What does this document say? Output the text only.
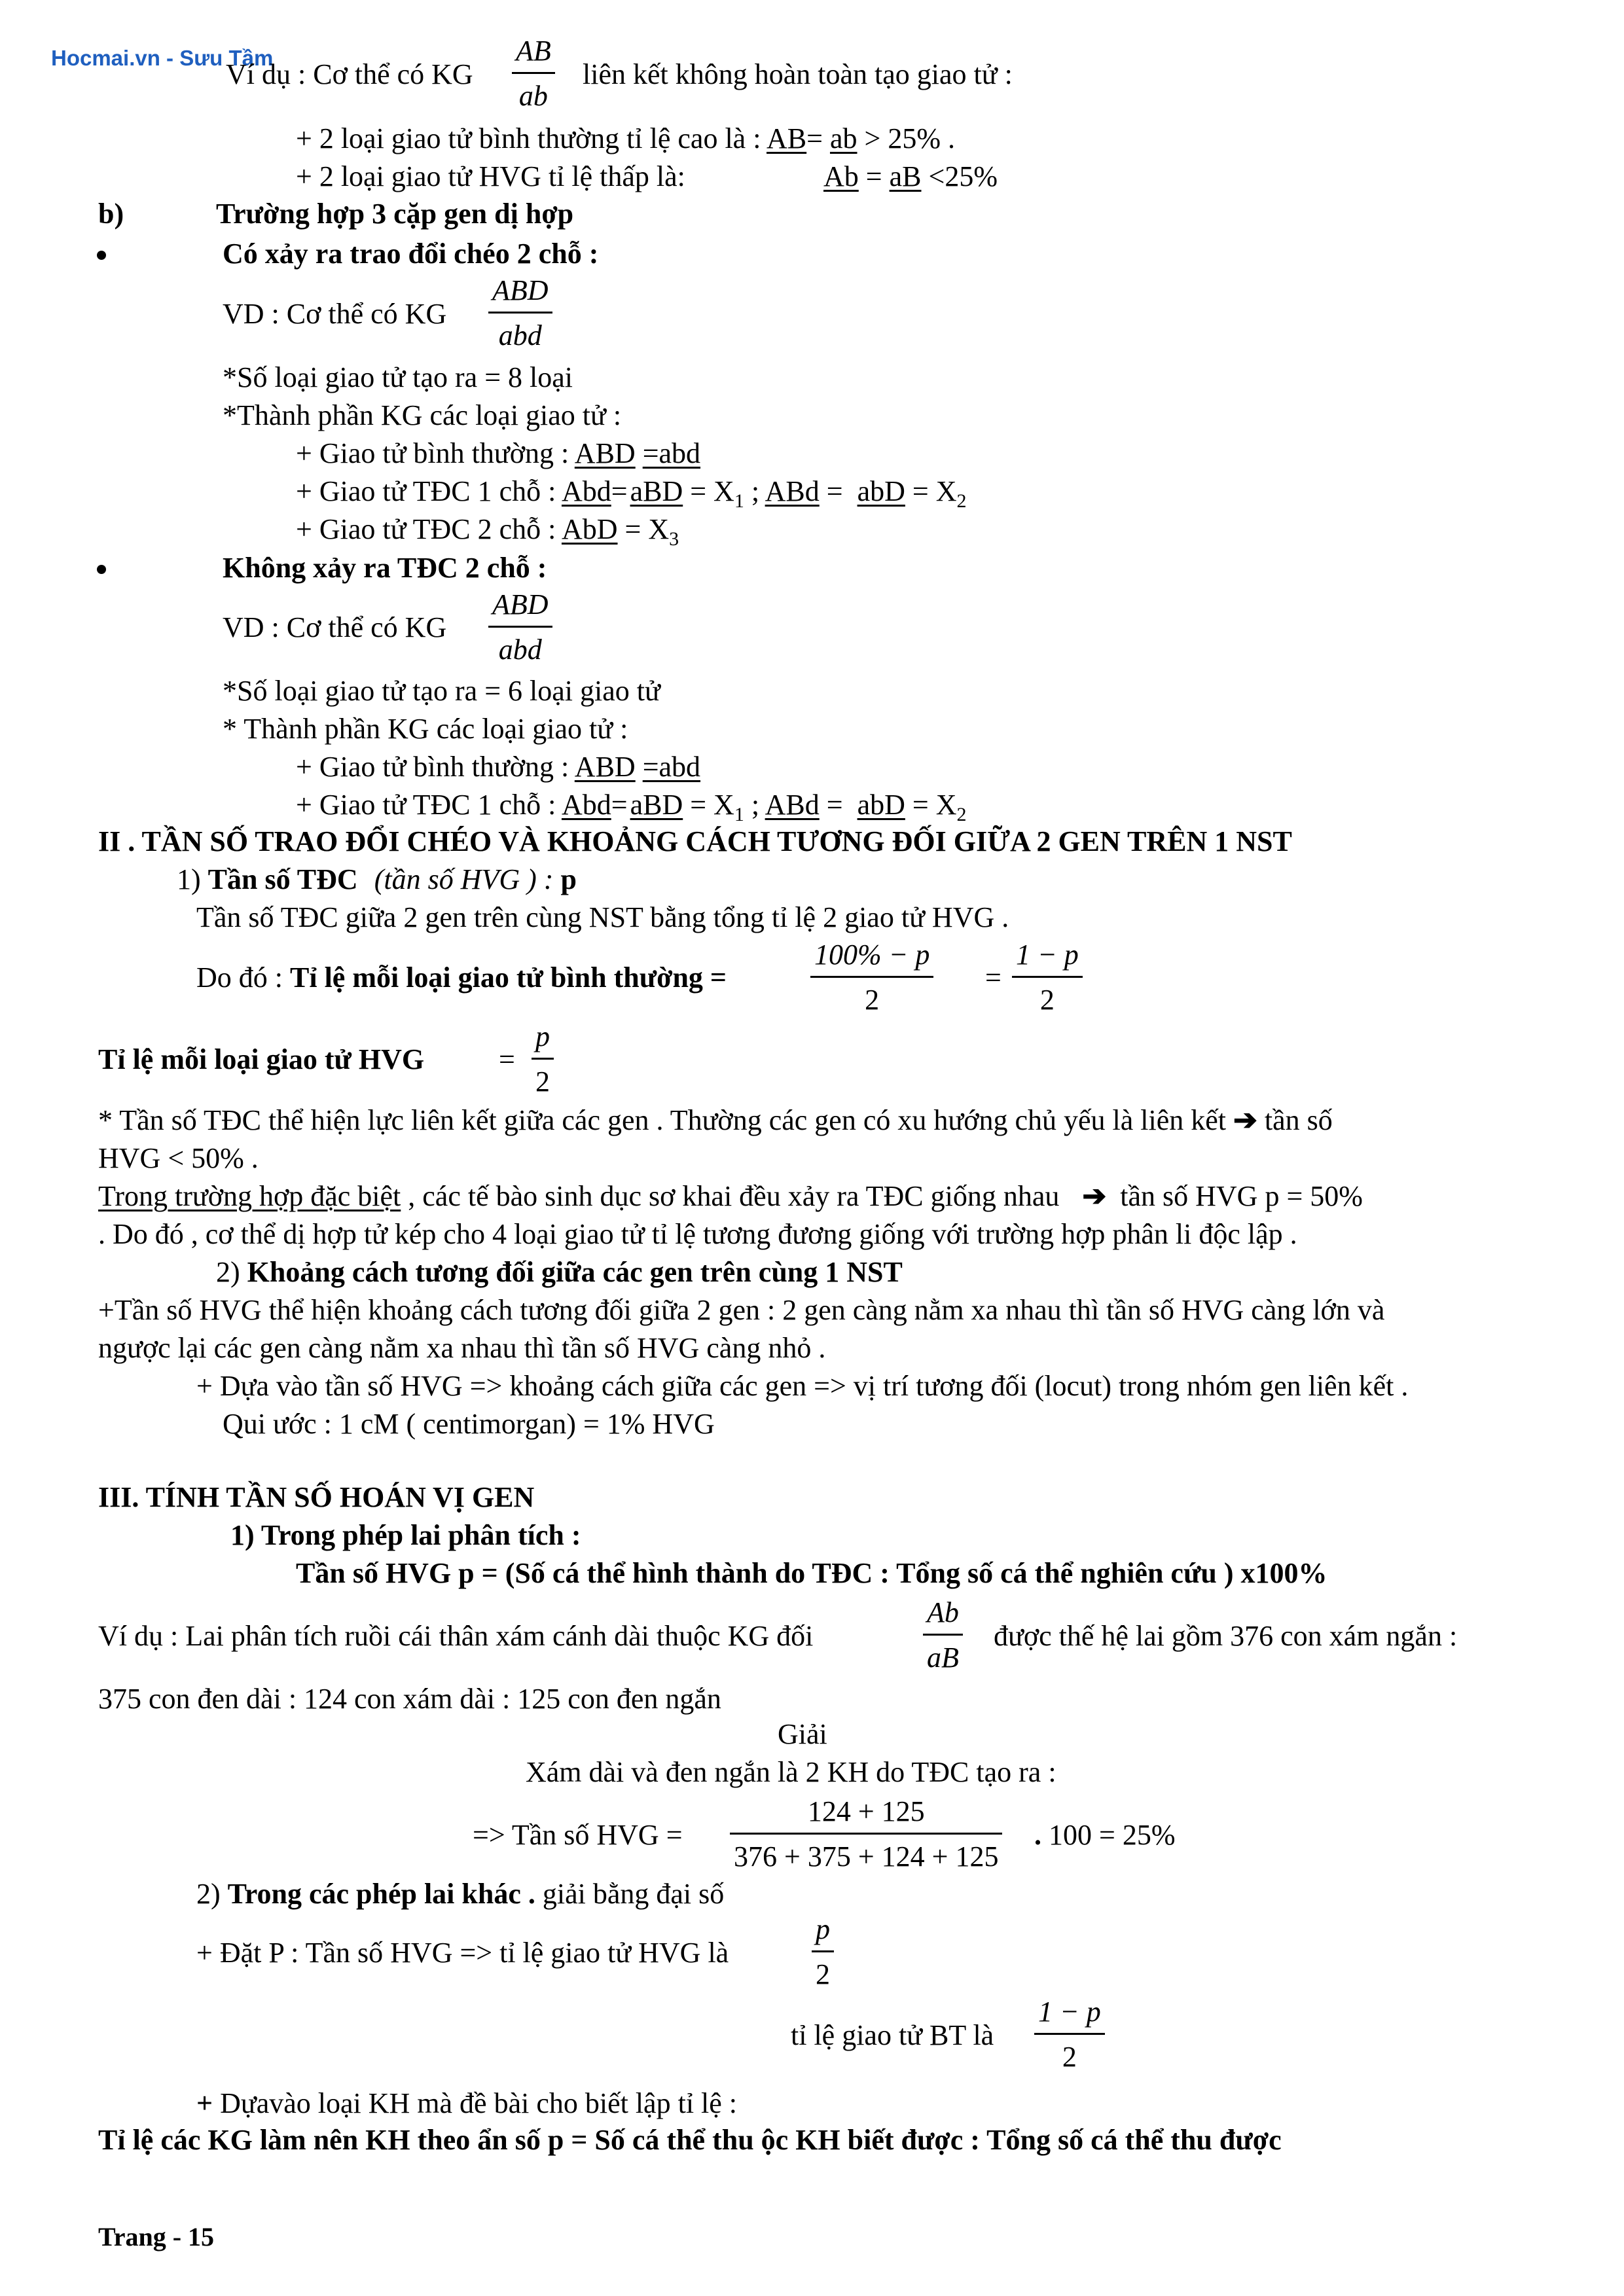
Hocmai.vn - Sưu Tầm
Ví dụ : Cơ thể có KG
AB
ab
liên kết không hoàn toàn tạo giao tử :
+ 2 loại giao tử bình thường tỉ lệ cao là : AB= ab > 25% .
+ 2 loại giao tử HVG tỉ lệ thấp là:	Ab = aB <25%
b)	Trường hợp 3 cặp gen dị hợp
Có xảy ra trao đổi chéo 2 chỗ :
VD : Cơ thể có KG
ABD
abd
*Số loại giao tử tạo ra = 8 loại
*Thành phần KG các loại giao tử :
+ Giao tử bình thường : ABD =abd
+ Giao tử TĐC 1 chỗ : $Abd=aBD = X_1$ ; ABd =  abD = $X_2$
+ Giao tử TĐC 2 chỗ : AbD = $X_3$
Không xảy ra TĐC 2 chỗ :
VD : Cơ thể có KG
ABD
abd
*Số loại giao tử tạo ra = 6 loại giao tử
* Thành phần KG các loại giao tử :
+ Giao tử bình thường : ABD =abd
+ Giao tử TĐC 1 chỗ : $Abd=aBD = X_1$ ; ABd =  abD = $X_2$
II . TẦN SỐ TRAO ĐỔI CHÉO VÀ KHOẢNG CÁCH TƯƠNG ĐỐI GIỮA 2 GEN TRÊN 1 NST
1) Tần số TĐC (tần số HVG ) : p
Tần số TĐC giữa 2 gen trên cùng NST bằng tổng tỉ lệ 2 giao tử HVG .
Do đó : Tỉ lệ mỗi loại giao tử bình thường =
100% − p
2
=
1 − p
2
Tỉ lệ mỗi loại giao tử HVG	=
p
2
* Tần số TĐC thể hiện lực liên kết giữa các gen . Thường các gen có xu hướng chủ yếu là liên kết ➔ tần số
HVG < 50% .
Trong trường hợp đặc biệt , các tế bào sinh dục sơ khai đều xảy ra TĐC giống nhau ➔ tần số HVG p = 50%
. Do đó , cơ thể dị hợp tử kép cho 4 loại giao tử tỉ lệ tương đương giống với trường hợp phân li độc lập .
2) Khoảng cách tương đối giữa các gen trên cùng 1 NST
+Tần số HVG thể hiện khoảng cách tương đối giữa 2 gen : 2 gen càng nằm xa nhau thì tần số HVG càng lớn và
ngược lại các gen càng nằm xa nhau thì tần số HVG càng nhỏ .
+ Dựa vào tần số HVG => khoảng cách giữa các gen => vị trí tương đối (locut) trong nhóm gen liên kết .
Qui ước : 1 cM ( centimorgan) = 1% HVG
III. TÍNH TẦN SỐ HOÁN VỊ GEN
1) Trong phép lai phân tích :
Tần số HVG p = (Số cá thể hình thành do TĐC : Tổng số cá thể nghiên cứu ) x100%
Ví dụ : Lai phân tích ruồi cái thân xám cánh dài thuộc KG đối
Ab
aB
được thế hệ lai gồm 376 con xám ngắn :
375 con đen dài : 124 con xám dài : 125 con đen ngắn
Giải
Xám dài và đen ngắn là 2 KH do TĐC tạo ra :
=> Tần số HVG =
124 + 125
376 + 375 + 124 + 125
. 100 = 25%
2) Trong các phép lai khác . giải bằng đại số
+ Đặt P : Tần số HVG => tỉ lệ giao tử HVG là
p
2
tỉ lệ giao tử BT là
1 − p
2
+ Dựavào loại KH mà đề bài cho biết lập tỉ lệ :
Tỉ lệ các KG làm nên KH theo ẩn số p = Số cá thể thu ộc KH biết được : Tổng số cá thể thu được
Trang - 15
